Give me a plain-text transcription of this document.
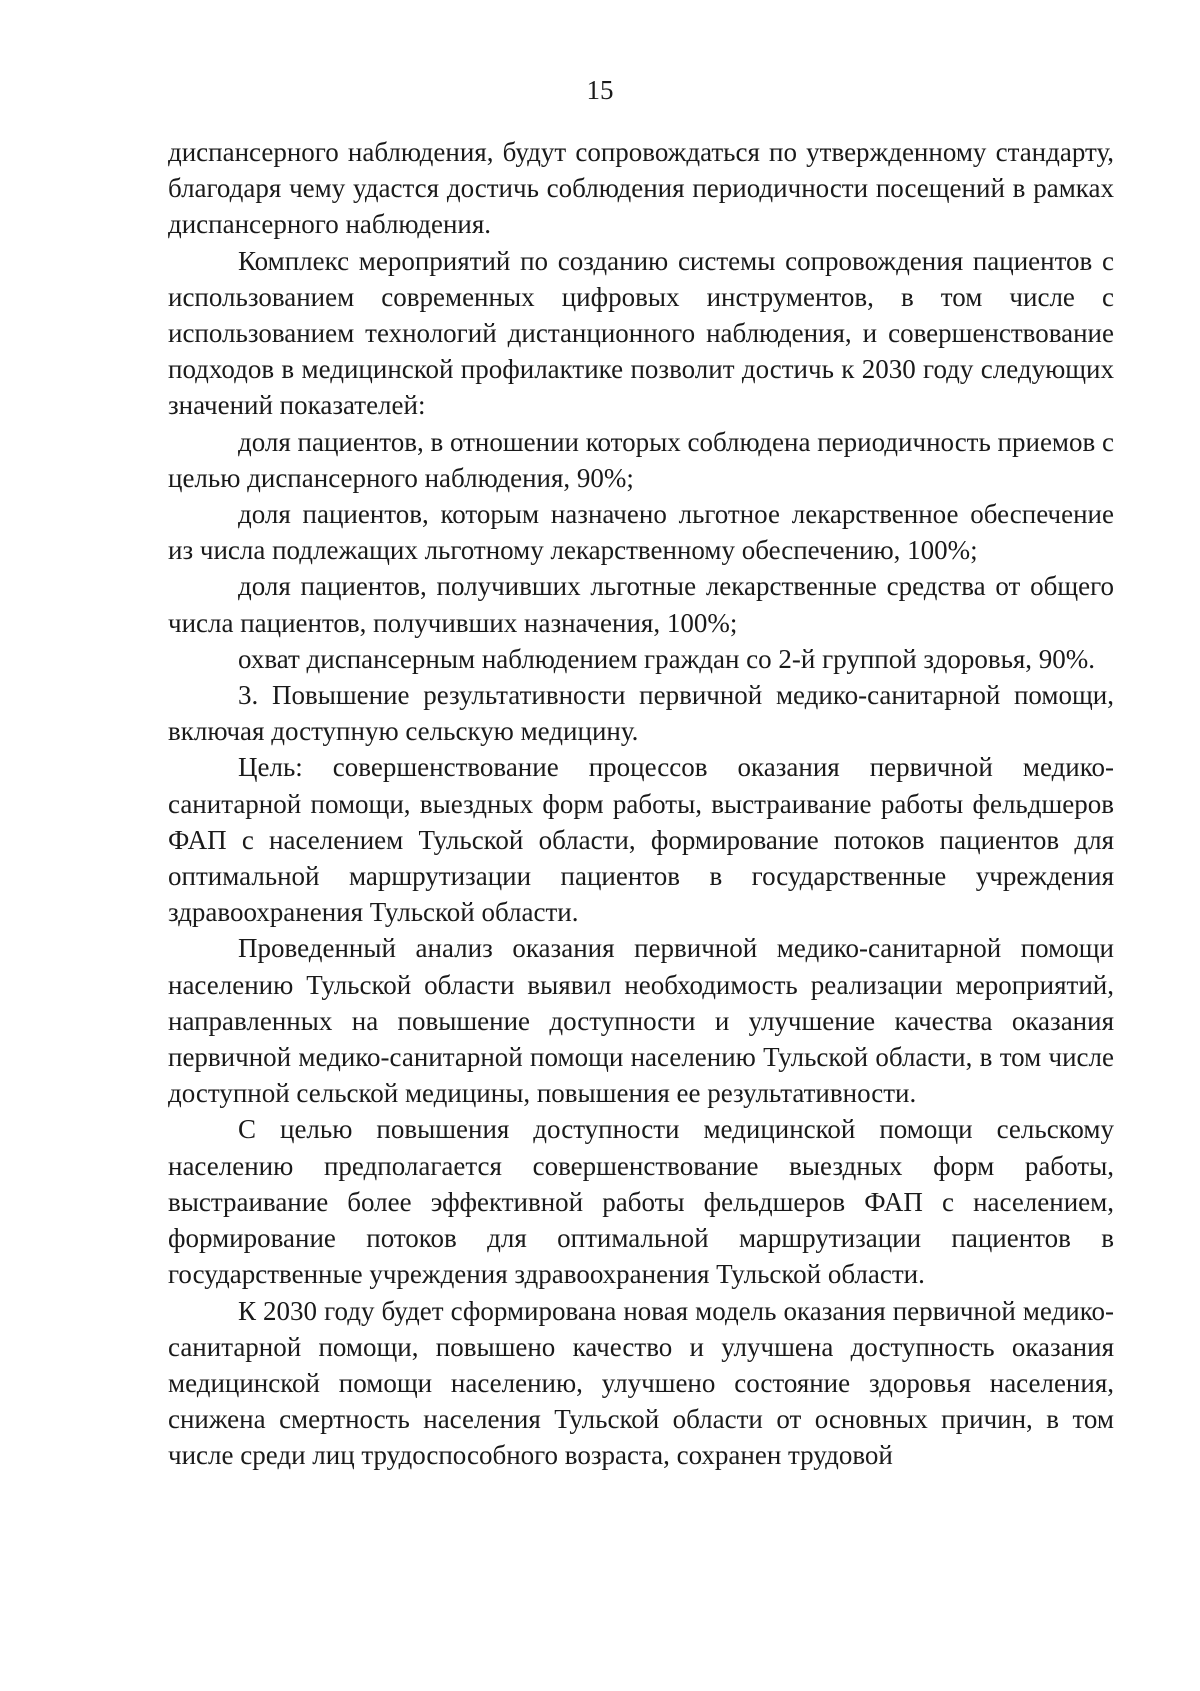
15

диспансерного наблюдения, будут сопровождаться по утвержденному стандарту, благодаря чему удастся достичь соблюдения периодичности посещений в рамках диспансерного наблюдения.

Комплекс мероприятий по созданию системы сопровождения пациентов с использованием современных цифровых инструментов, в том числе с использованием технологий дистанционного наблюдения, и совершенствование подходов в медицинской профилактике позволит достичь к 2030 году следующих значений показателей:

доля пациентов, в отношении которых соблюдена периодичность приемов с целью диспансерного наблюдения, 90%;

доля пациентов, которым назначено льготное лекарственное обеспечение из числа подлежащих льготному лекарственному обеспечению, 100%;

доля пациентов, получивших льготные лекарственные средства от общего числа пациентов, получивших назначения, 100%;

охват диспансерным наблюдением граждан со 2-й группой здоровья, 90%.

3. Повышение результативности первичной медико-санитарной помощи, включая доступную сельскую медицину.

Цель: совершенствование процессов оказания первичной медико-санитарной помощи, выездных форм работы, выстраивание работы фельдшеров ФАП с населением Тульской области, формирование потоков пациентов для оптимальной маршрутизации пациентов в государственные учреждения здравоохранения Тульской области.

Проведенный анализ оказания первичной медико-санитарной помощи населению Тульской области выявил необходимость реализации мероприятий, направленных на повышение доступности и улучшение качества оказания первичной медико-санитарной помощи населению Тульской области, в том числе доступной сельской медицины, повышения ее результативности.

С целью повышения доступности медицинской помощи сельскому населению предполагается совершенствование выездных форм работы, выстраивание более эффективной работы фельдшеров ФАП с населением, формирование потоков для оптимальной маршрутизации пациентов в государственные учреждения здравоохранения Тульской области.

К 2030 году будет сформирована новая модель оказания первичной медико-санитарной помощи, повышено качество и улучшена доступность оказания медицинской помощи населению, улучшено состояние здоровья населения, снижена смертность населения Тульской области от основных причин, в том числе среди лиц трудоспособного возраста, сохранен трудовой
